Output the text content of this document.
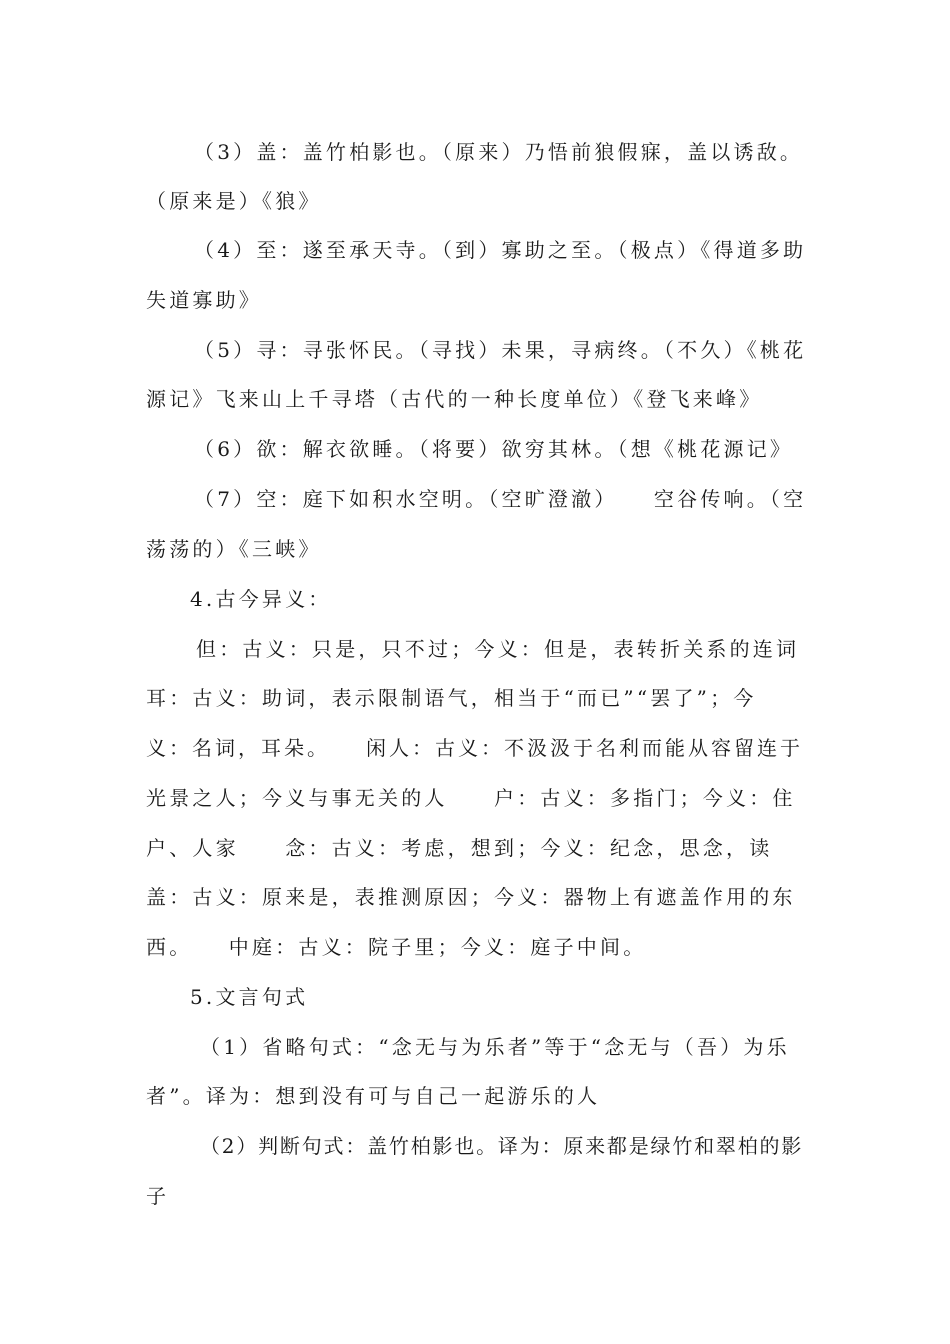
（3）盖：盖竹柏影也。（原来）乃悟前狼假寐，盖以诱敌。
（原来是）《狼》
（4）至：遂至承天寺。（到）寡助之至。（极点）《得道多助
失道寡助》
（5）寻：寻张怀民。（寻找）未果，寻病终。（不久）《桃花
源记》飞来山上千寻塔（古代的一种长度单位）《登飞来峰》
（6）欲：解衣欲睡。（将要）欲穷其林。（想《桃花源记》
（7）空：庭下如积水空明。（空旷澄澈）　　空谷传响。（空
荡荡的）《三峡》
4.古今异义：
但：古义：只是，只不过；今义：但是，表转折关系的连词
耳：古义：助词，表示限制语气，相当于“而已”“罢了”；今
义：名词，耳朵。　　闲人：古义：不汲汲于名利而能从容留连于
光景之人；今义与事无关的人　　户：古义：多指门；今义：住
户、人家　　念：古义：考虑，想到；今义：纪念，思念，读
盖：古义：原来是，表推测原因；今义：器物上有遮盖作用的东
西。　　中庭：古义：院子里；今义：庭子中间。
5.文言句式
（1）省略句式：“念无与为乐者”等于“念无与（吾）为乐
者”。译为：想到没有可与自己一起游乐的人
（2）判断句式：盖竹柏影也。译为：原来都是绿竹和翠柏的影
子
